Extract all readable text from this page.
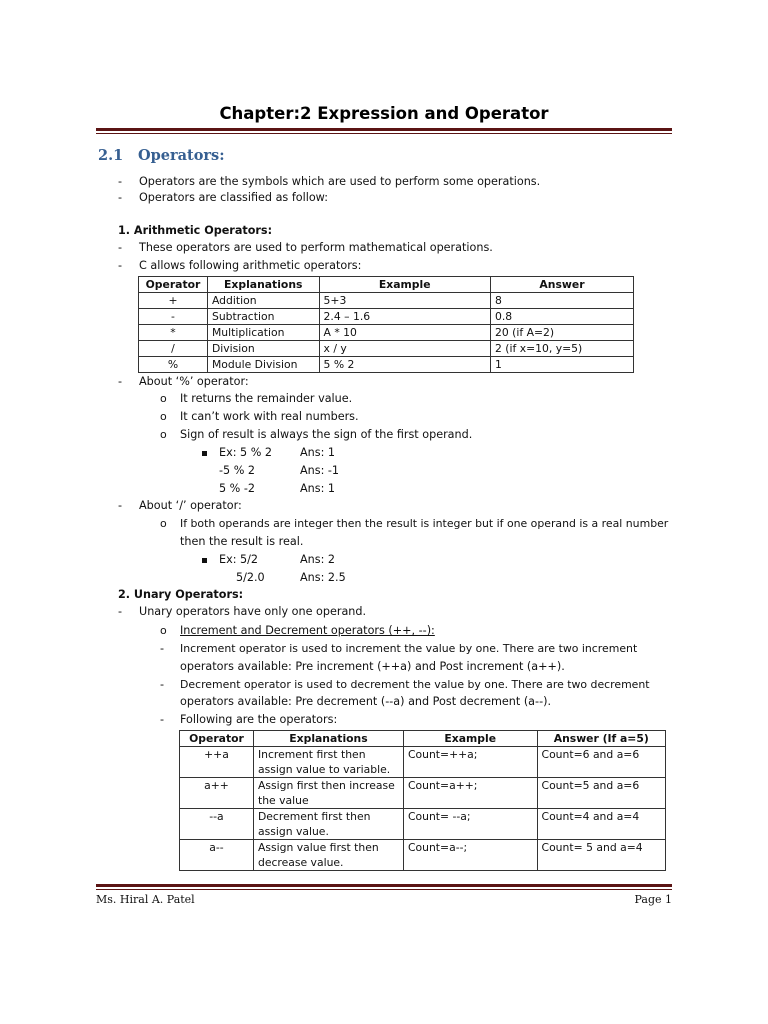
Chapter:2 Expression and Operator
2.1 Operators:
- Operators are the symbols which are used to perform some operations.
- Operators are classified as follow:
1. Arithmetic Operators:
- These operators are used to perform mathematical operations.
- C allows following arithmetic operators:
Operator	Explanations	Example	Answer
+	Addition	5+3	8
-	Subtraction	2.4 – 1.6	0.8
*	Multiplication	A * 10	20 (if A=2)
/	Division	x / y	2 (if x=10, y=5)
%	Module Division	5 % 2	1
- About ‘%’ operator:
o It returns the remainder value.
o It can’t work with real numbers.
o Sign of result is always the sign of the first operand.
Ex: 5 % 2	Ans: 1
-5 % 2	Ans: -1
5 % -2	Ans: 1
- About ‘/’ operator:
o If both operands are integer then the result is integer but if one operand is a real number
then the result is real.
Ex: 5/2	Ans: 2
5/2.0	Ans: 2.5
2. Unary Operators:
- Unary operators have only one operand.
o Increment and Decrement operators (++, --):
- Increment operator is used to increment the value by one. There are two increment
operators available: Pre increment (++a) and Post increment (a++).
- Decrement operator is used to decrement the value by one. There are two decrement
operators available: Pre decrement (--a) and Post decrement (a--).
- Following are the operators:
Operator	Explanations	Example	Answer (If a=5)
++a	Increment first then assign value to variable.	Count=++a;	Count=6 and a=6
a++	Assign first then increase the value	Count=a++;	Count=5 and a=6
--a	Decrement first then assign value.	Count= --a;	Count=4 and a=4
a--	Assign value first then decrease value.	Count=a--;	Count= 5 and a=4
Ms. Hiral A. Patel	Page 1
